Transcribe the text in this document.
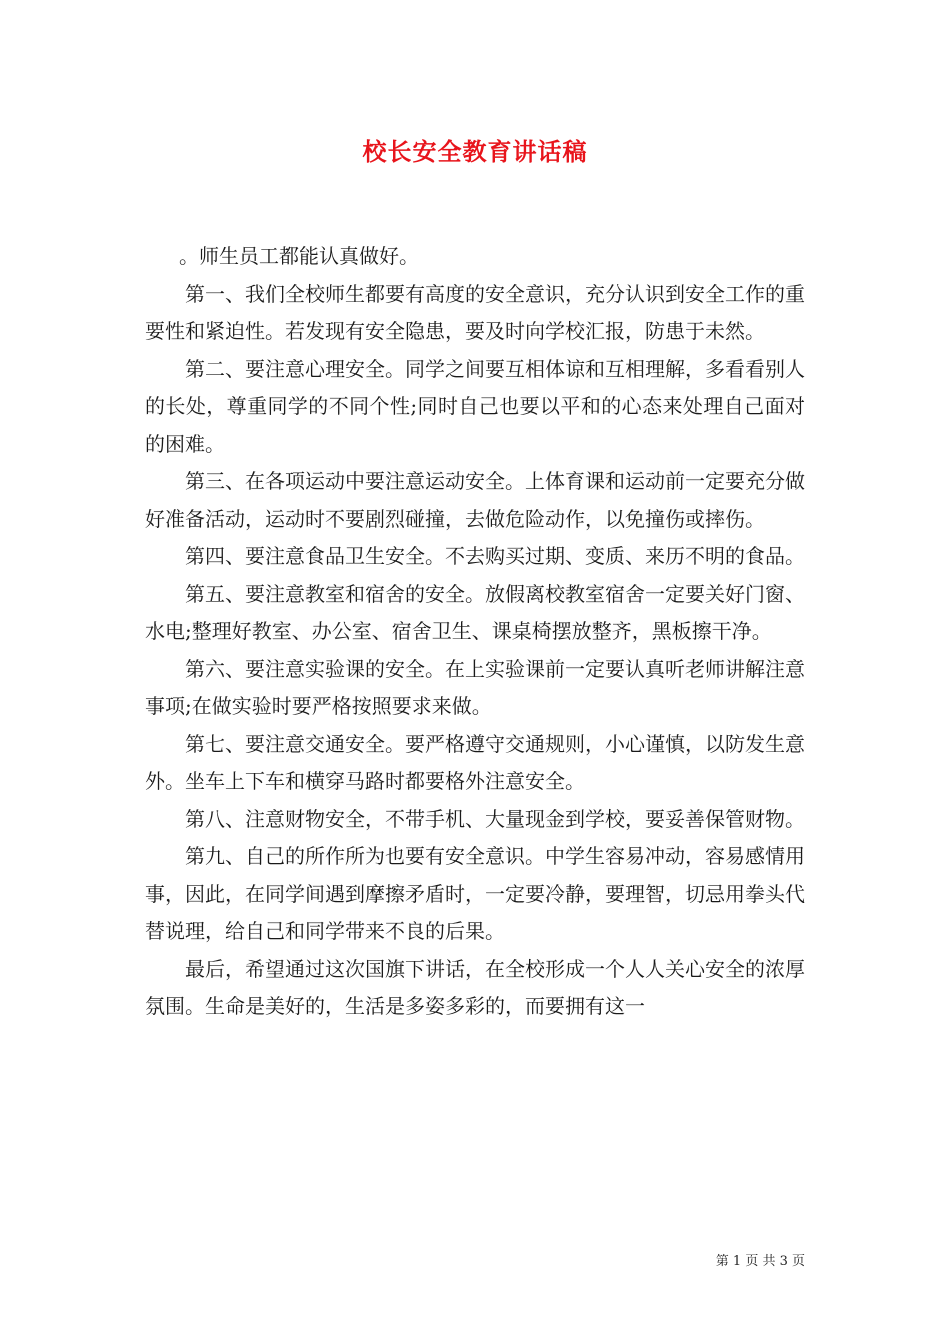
校长安全教育讲话稿

。师生员工都能认真做好。

第一、我们全校师生都要有高度的安全意识，充分认识到安全工作的重要性和紧迫性。若发现有安全隐患，要及时向学校汇报，防患于未然。

第二、要注意心理安全。同学之间要互相体谅和互相理解，多看看别人的长处，尊重同学的不同个性;同时自己也要以平和的心态来处理自己面对的困难。

第三、在各项运动中要注意运动安全。上体育课和运动前一定要充分做好准备活动，运动时不要剧烈碰撞，去做危险动作，以免撞伤或摔伤。

第四、要注意食品卫生安全。不去购买过期、变质、来历不明的食品。

第五、要注意教室和宿舍的安全。放假离校教室宿舍一定要关好门窗、水电;整理好教室、办公室、宿舍卫生、课桌椅摆放整齐，黑板擦干净。

第六、要注意实验课的安全。在上实验课前一定要认真听老师讲解注意事项;在做实验时要严格按照要求来做。

第七、要注意交通安全。要严格遵守交通规则，小心谨慎，以防发生意外。坐车上下车和横穿马路时都要格外注意安全。

第八、注意财物安全，不带手机、大量现金到学校，要妥善保管财物。

第九、自己的所作所为也要有安全意识。中学生容易冲动，容易感情用事，因此，在同学间遇到摩擦矛盾时，一定要冷静，要理智，切忌用拳头代替说理，给自己和同学带来不良的后果。

最后，希望通过这次国旗下讲话，在全校形成一个人人关心安全的浓厚氛围。生命是美好的，生活是多姿多彩的，而要拥有这一

第 1 页 共 3 页
